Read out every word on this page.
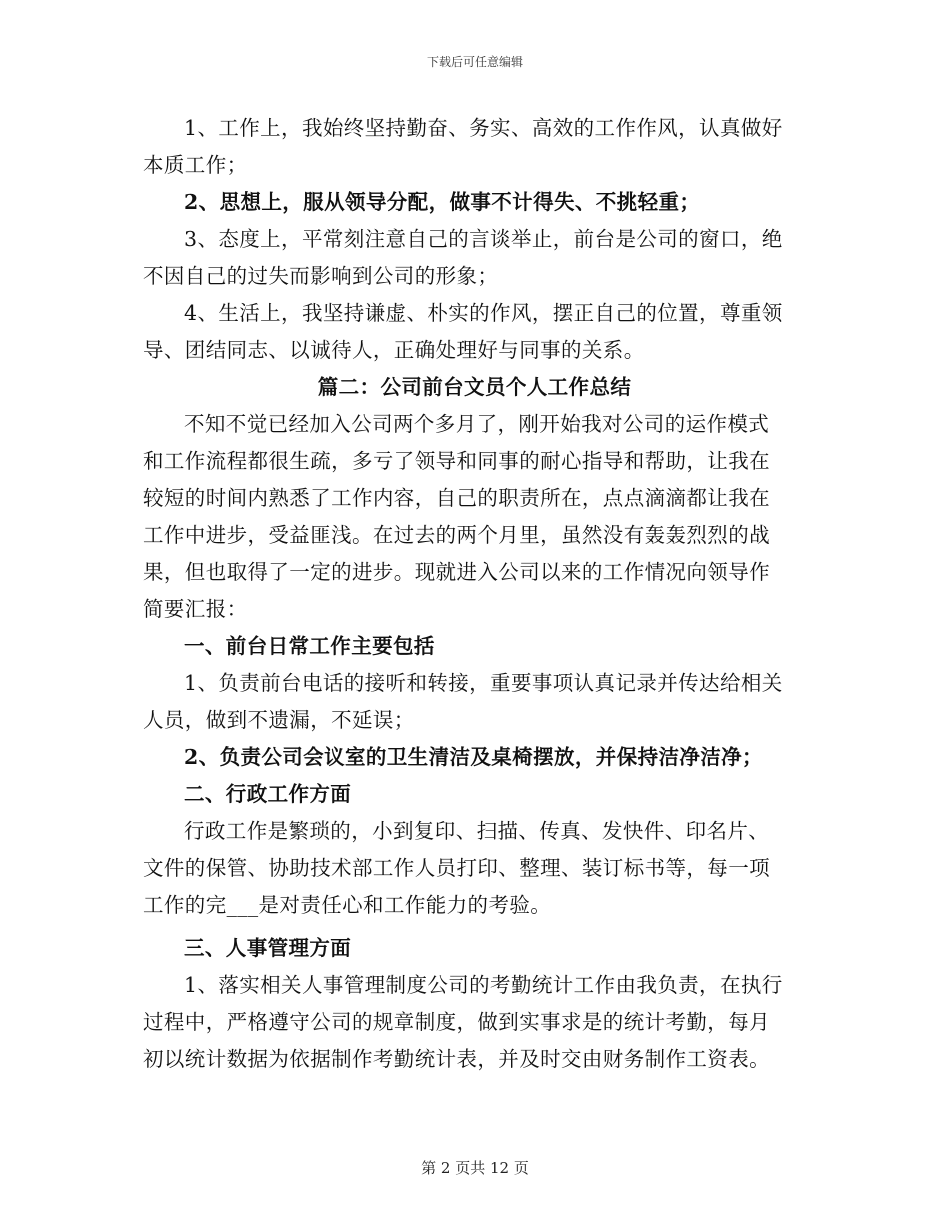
下载后可任意编辑
1、工作上，我始终坚持勤奋、务实、高效的工作作风，认真做好
本质工作；
2、思想上，服从领导分配，做事不计得失、不挑轻重；
3、态度上，平常刻注意自己的言谈举止，前台是公司的窗口，绝
不因自己的过失而影响到公司的形象；
4、生活上，我坚持谦虚、朴实的作风，摆正自己的位置，尊重领
导、团结同志、以诚待人，正确处理好与同事的关系。
篇二：公司前台文员个人工作总结
不知不觉已经加入公司两个多月了，刚开始我对公司的运作模式
和工作流程都很生疏，多亏了领导和同事的耐心指导和帮助，让我在
较短的时间内熟悉了工作内容，自己的职责所在，点点滴滴都让我在
工作中进步，受益匪浅。在过去的两个月里，虽然没有轰轰烈烈的战
果，但也取得了一定的进步。现就进入公司以来的工作情况向领导作
简要汇报：
一、前台日常工作主要包括
1、负责前台电话的接听和转接，重要事项认真记录并传达给相关
人员，做到不遗漏，不延误；
2、负责公司会议室的卫生清洁及桌椅摆放，并保持洁净洁净；
二、行政工作方面
行政工作是繁琐的，小到复印、扫描、传真、发快件、印名片、
文件的保管、协助技术部工作人员打印、整理、装订标书等，每一项
工作的完___是对责任心和工作能力的考验。
三、人事管理方面
1、落实相关人事管理制度公司的考勤统计工作由我负责，在执行
过程中，严格遵守公司的规章制度，做到实事求是的统计考勤，每月
初以统计数据为依据制作考勤统计表，并及时交由财务制作工资表。
第 2 页共 12 页
